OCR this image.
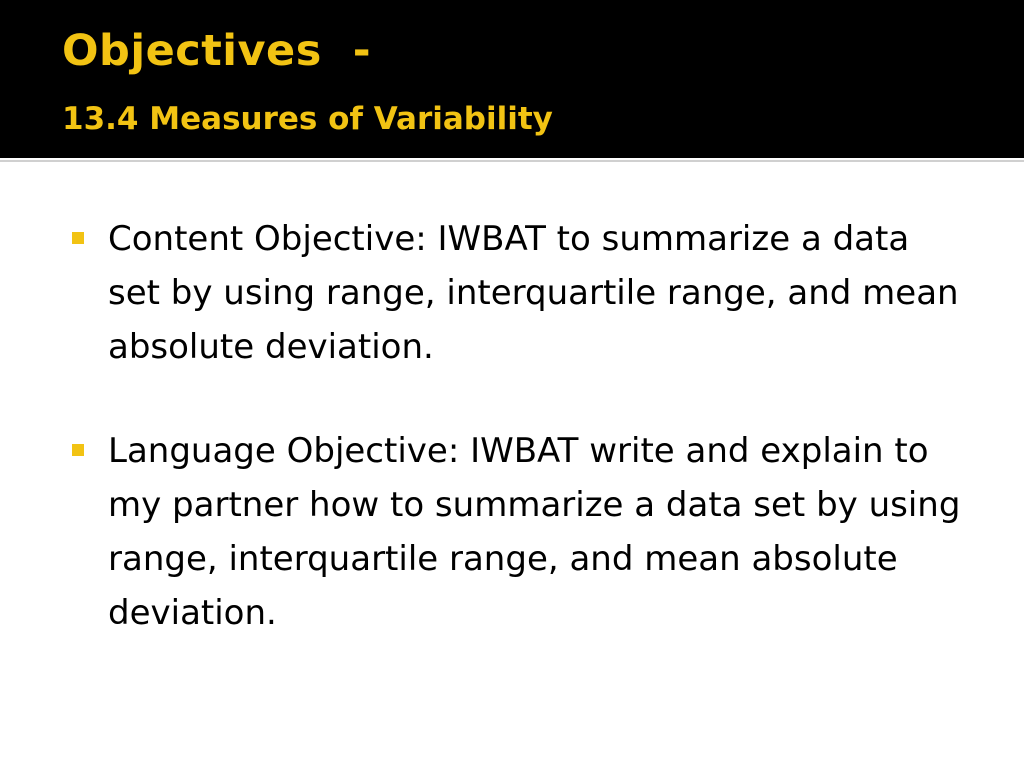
Objectives  -
13.4 Measures of Variability
Content Objective: IWBAT to summarize a data set by using range, interquartile range, and mean absolute deviation.
Language Objective: IWBAT write and explain to my partner how to summarize a data set by using range, interquartile range, and mean absolute deviation.
